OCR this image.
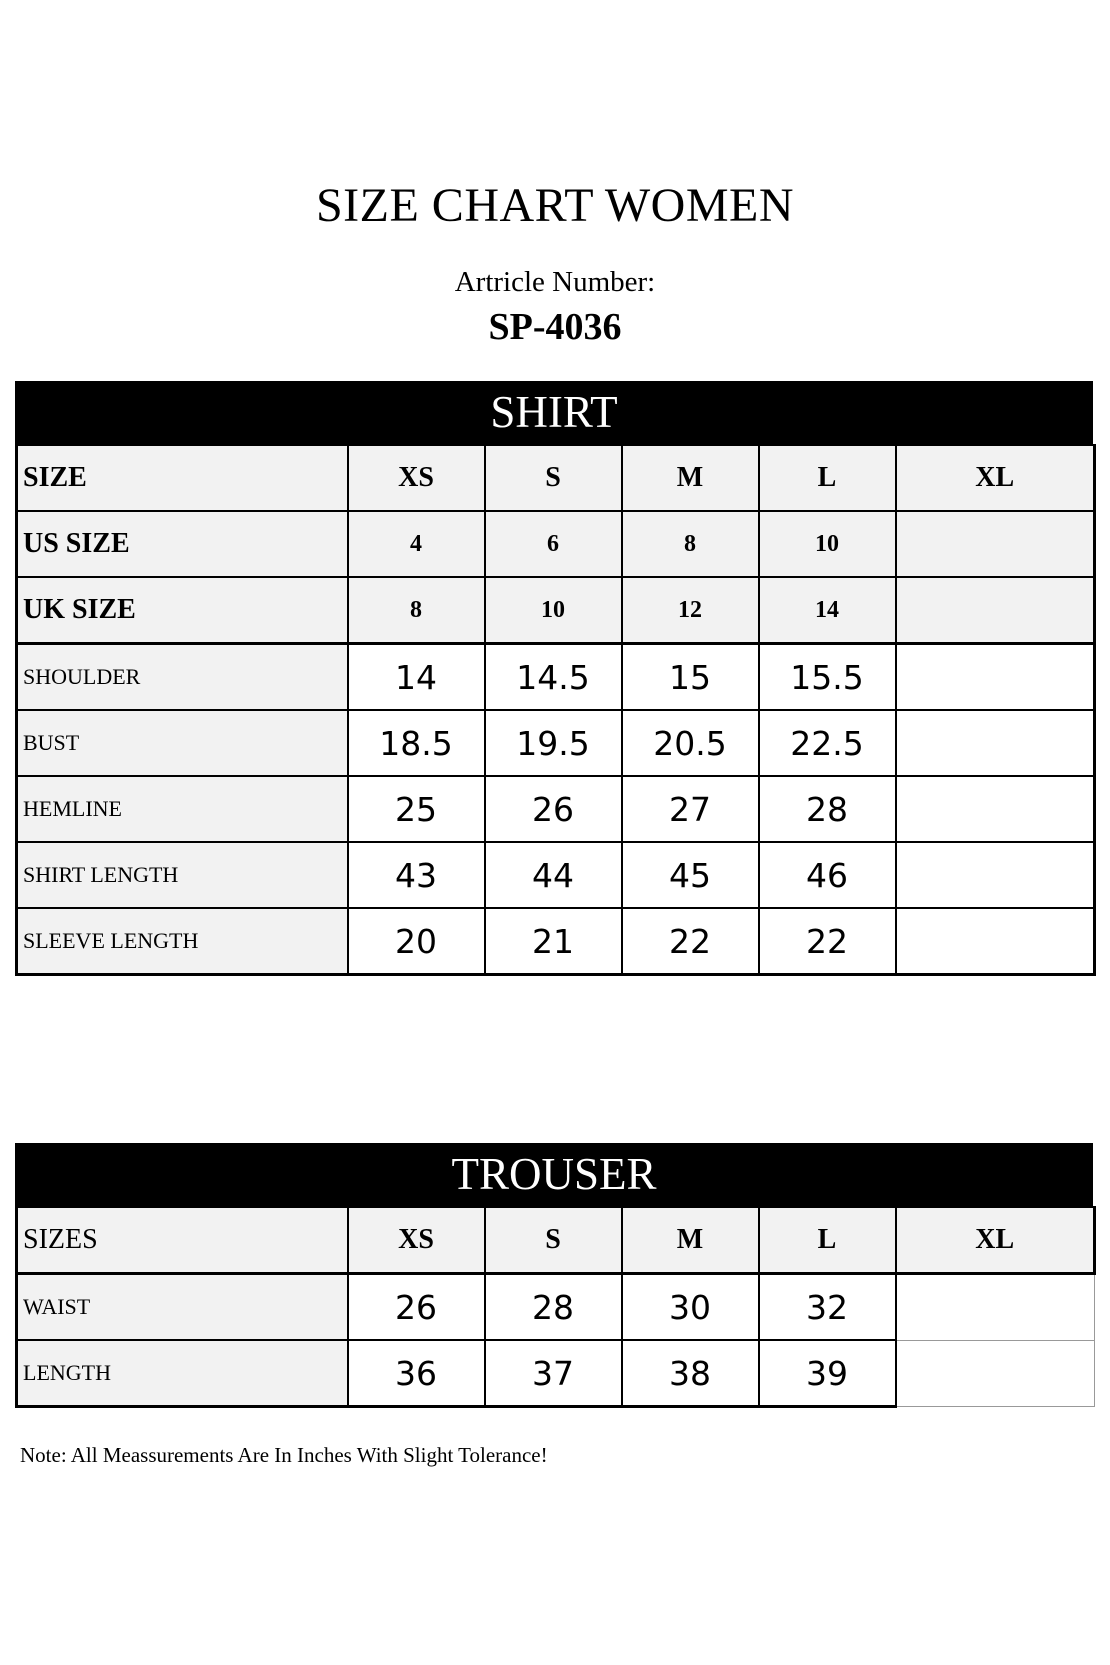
SIZE CHART WOMEN
Artricle Number:
SP-4036
SHIRT
SIZE	XS	S	M	L	XL
US SIZE	4	6	8	10	
UK SIZE	8	10	12	14	
SHOULDER	14	14.5	15	15.5	
BUST	18.5	19.5	20.5	22.5	
HEMLINE	25	26	27	28	
SHIRT LENGTH	43	44	45	46	
SLEEVE LENGTH	20	21	22	22	
TROUSER
SIZES	XS	S	M	L	XL
WAIST	26	28	30	32	
LENGTH	36	37	38	39	
Note: All Meassurements Are In Inches With Slight Tolerance!
